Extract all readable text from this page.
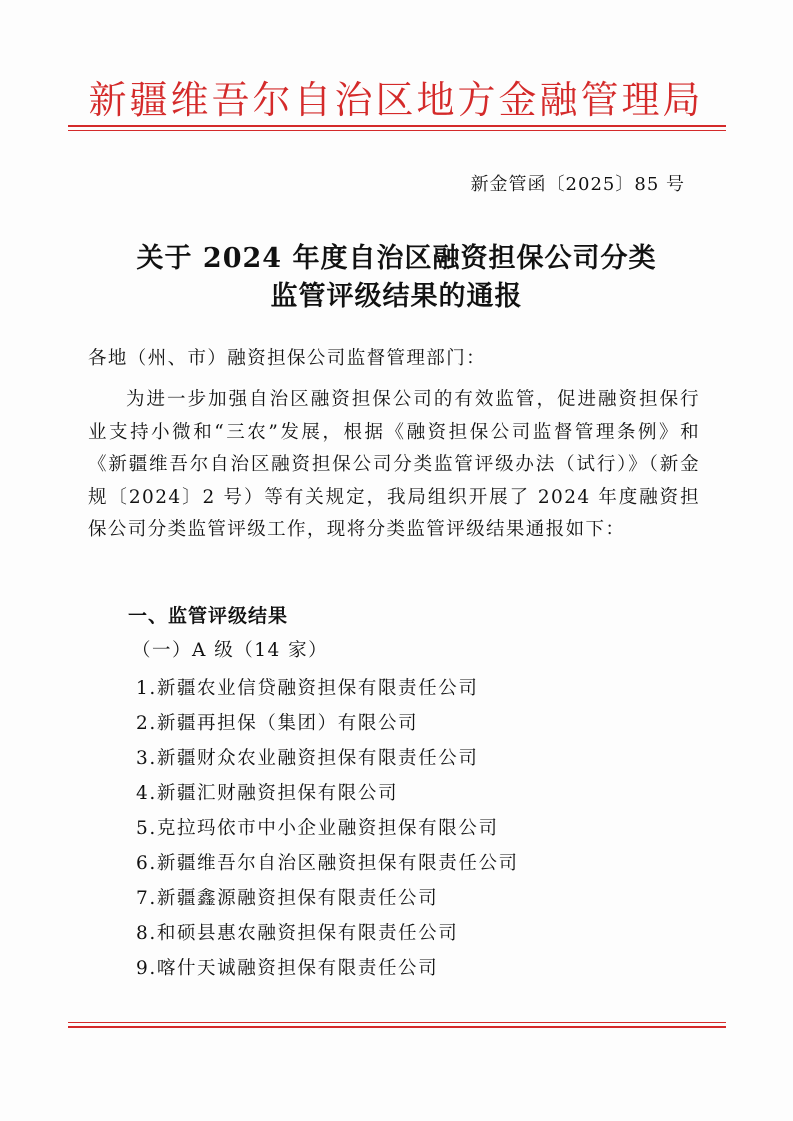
新疆维吾尔自治区地方金融管理局
新金管函〔2025〕85 号
关于 2024 年度自治区融资担保公司分类
监管评级结果的通报
各地（州、市）融资担保公司监督管理部门：
为进一步加强自治区融资担保公司的有效监管，促进融资担保行业支持小微和“三农”发展，根据《融资担保公司监督管理条例》和《新疆维吾尔自治区融资担保公司分类监管评级办法（试行）》（新金规〔2024〕2 号）等有关规定，我局组织开展了 2024 年度融资担保公司分类监管评级工作，现将分类监管评级结果通报如下：
一、监管评级结果
（一）A 级（14 家）
1.新疆农业信贷融资担保有限责任公司
2.新疆再担保（集团）有限公司
3.新疆财众农业融资担保有限责任公司
4.新疆汇财融资担保有限公司
5.克拉玛依市中小企业融资担保有限公司
6.新疆维吾尔自治区融资担保有限责任公司
7.新疆鑫源融资担保有限责任公司
8.和硕县惠农融资担保有限责任公司
9.喀什天诚融资担保有限责任公司
